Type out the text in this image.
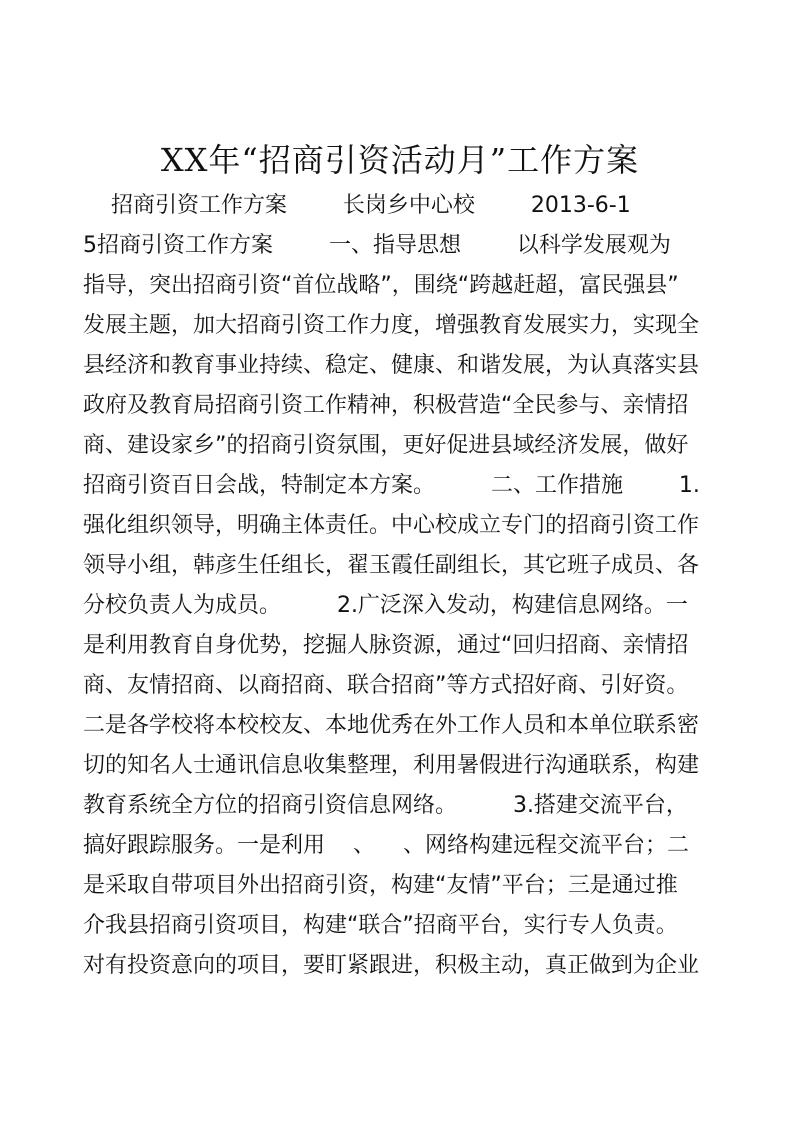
XX年“招商引资活动月”工作方案
招商引资工作方案        长岗乡中心校        2013-6-1
5招商引资工作方案        一、指导思想        以科学发展观为
指导，突出招商引资“首位战略”，围绕“跨越赶超，富民强县”
发展主题，加大招商引资工作力度，增强教育发展实力，实现全
县经济和教育事业持续、稳定、健康、和谐发展，为认真落实县
政府及教育局招商引资工作精神，积极营造“全民参与、亲情招
商、建设家乡”的招商引资氛围，更好促进县域经济发展，做好
招商引资百日会战，特制定本方案。        二、工作措施        1.
强化组织领导，明确主体责任。中心校成立专门的招商引资工作
领导小组，韩彦生任组长，翟玉霞任副组长，其它班子成员、各
分校负责人为成员。        2.广泛深入发动，构建信息网络。一
是利用教育自身优势，挖掘人脉资源，通过“回归招商、亲情招
商、友情招商、以商招商、联合招商”等方式招好商、引好资。
二是各学校将本校校友、本地优秀在外工作人员和本单位联系密
切的知名人士通讯信息收集整理，利用暑假进行沟通联系，构建
教育系统全方位的招商引资信息网络。        3.搭建交流平台，
搞好跟踪服务。一是利用    、    、网络构建远程交流平台；二
是采取自带项目外出招商引资，构建“友情”平台；三是通过推
介我县招商引资项目，构建“联合”招商平台，实行专人负责。
对有投资意向的项目，要盯紧跟进，积极主动，真正做到为企业
